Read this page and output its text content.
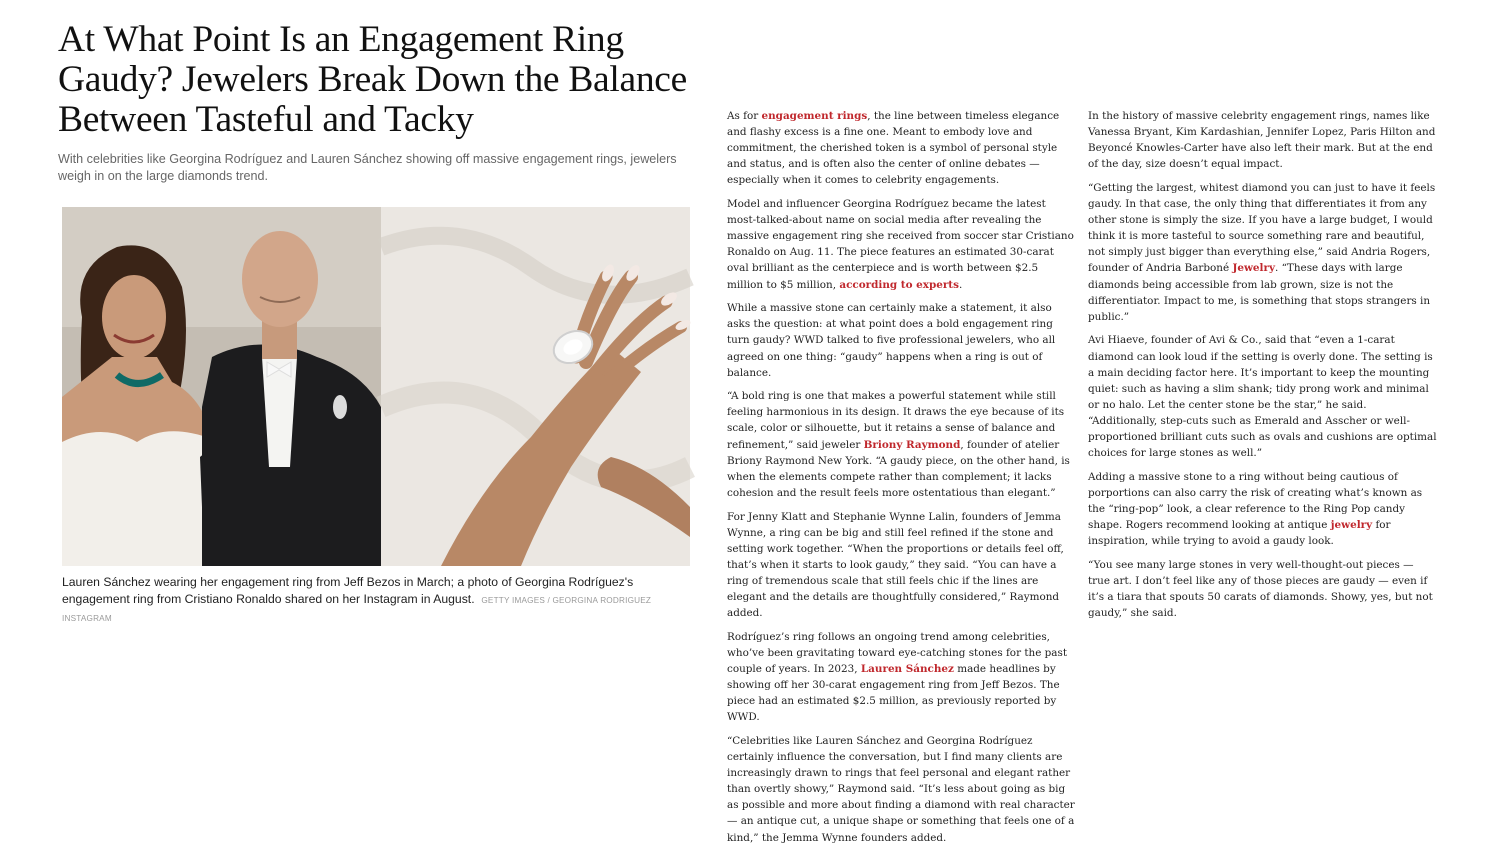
At What Point Is an Engagement Ring Gaudy? Jewelers Break Down the Balance Between Tasteful and Tacky

With celebrities like Georgina Rodríguez and Lauren Sánchez showing off massive engagement rings, jewelers weigh in on the large diamonds trend.

Lauren Sánchez wearing her engagement ring from Jeff Bezos in March; a photo of Georgina Rodríguez's engagement ring from Cristiano Ronaldo shared on her Instagram in August. GETTY IMAGES / GEORGINA RODRIGUEZ INSTAGRAM

As for engagement rings, the line between timeless elegance and flashy excess is a fine one. Meant to embody love and commitment, the cherished token is a symbol of personal style and status, and is often also the center of online debates — especially when it comes to celebrity engagements.

Model and influencer Georgina Rodríguez became the latest most-talked-about name on social media after revealing the massive engagement ring she received from soccer star Cristiano Ronaldo on Aug. 11. The piece features an estimated 30-carat oval brilliant as the centerpiece and is worth between $2.5 million to $5 million, according to experts.

While a massive stone can certainly make a statement, it also asks the question: at what point does a bold engagement ring turn gaudy? WWD talked to five professional jewelers, who all agreed on one thing: “gaudy” happens when a ring is out of balance.

“A bold ring is one that makes a powerful statement while still feeling harmonious in its design. It draws the eye because of its scale, color or silhouette, but it retains a sense of balance and refinement,” said jeweler Briony Raymond, founder of atelier Briony Raymond New York. “A gaudy piece, on the other hand, is when the elements compete rather than complement; it lacks cohesion and the result feels more ostentatious than elegant.”

For Jenny Klatt and Stephanie Wynne Lalin, founders of Jemma Wynne, a ring can be big and still feel refined if the stone and setting work together. “When the proportions or details feel off, that’s when it starts to look gaudy,” they said. “You can have a ring of tremendous scale that still feels chic if the lines are elegant and the details are thoughtfully considered,” Raymond added.

Rodríguez’s ring follows an ongoing trend among celebrities, who’ve been gravitating toward eye-catching stones for the past couple of years. In 2023, Lauren Sánchez made headlines by showing off her 30-carat engagement ring from Jeff Bezos. The piece had an estimated $2.5 million, as previously reported by WWD.

“Celebrities like Lauren Sánchez and Georgina Rodríguez certainly influence the conversation, but I find many clients are increasingly drawn to rings that feel personal and elegant rather than overtly showy,” Raymond said. “It’s less about going as big as possible and more about finding a diamond with real character — an antique cut, a unique shape or something that feels one of a kind,” the Jemma Wynne founders added.

In the history of massive celebrity engagement rings, names like Vanessa Bryant, Kim Kardashian, Jennifer Lopez, Paris Hilton and Beyoncé Knowles-Carter have also left their mark. But at the end of the day, size doesn’t equal impact.

“Getting the largest, whitest diamond you can just to have it feels gaudy. In that case, the only thing that differentiates it from any other stone is simply the size. If you have a large budget, I would think it is more tasteful to source something rare and beautiful, not simply just bigger than everything else,” said Andria Rogers, founder of Andria Barboné Jewelry. “These days with large diamonds being accessible from lab grown, size is not the differentiator. Impact to me, is something that stops strangers in public.”

Avi Hiaeve, founder of Avi & Co., said that “even a 1-carat diamond can look loud if the setting is overly done. The setting is a main deciding factor here. It’s important to keep the mounting quiet: such as having a slim shank; tidy prong work and minimal or no halo. Let the center stone be the star,” he said. “Additionally, step-cuts such as Emerald and Asscher or well-proportioned brilliant cuts such as ovals and cushions are optimal choices for large stones as well.”

Adding a massive stone to a ring without being cautious of porportions can also carry the risk of creating what’s known as the “ring-pop” look, a clear reference to the Ring Pop candy shape. Rogers recommend looking at antique jewelry for inspiration, while trying to avoid a gaudy look.

“You see many large stones in very well-thought-out pieces — true art. I don’t feel like any of those pieces are gaudy — even if it’s a tiara that spouts 50 carats of diamonds. Showy, yes, but not gaudy,” she said.
